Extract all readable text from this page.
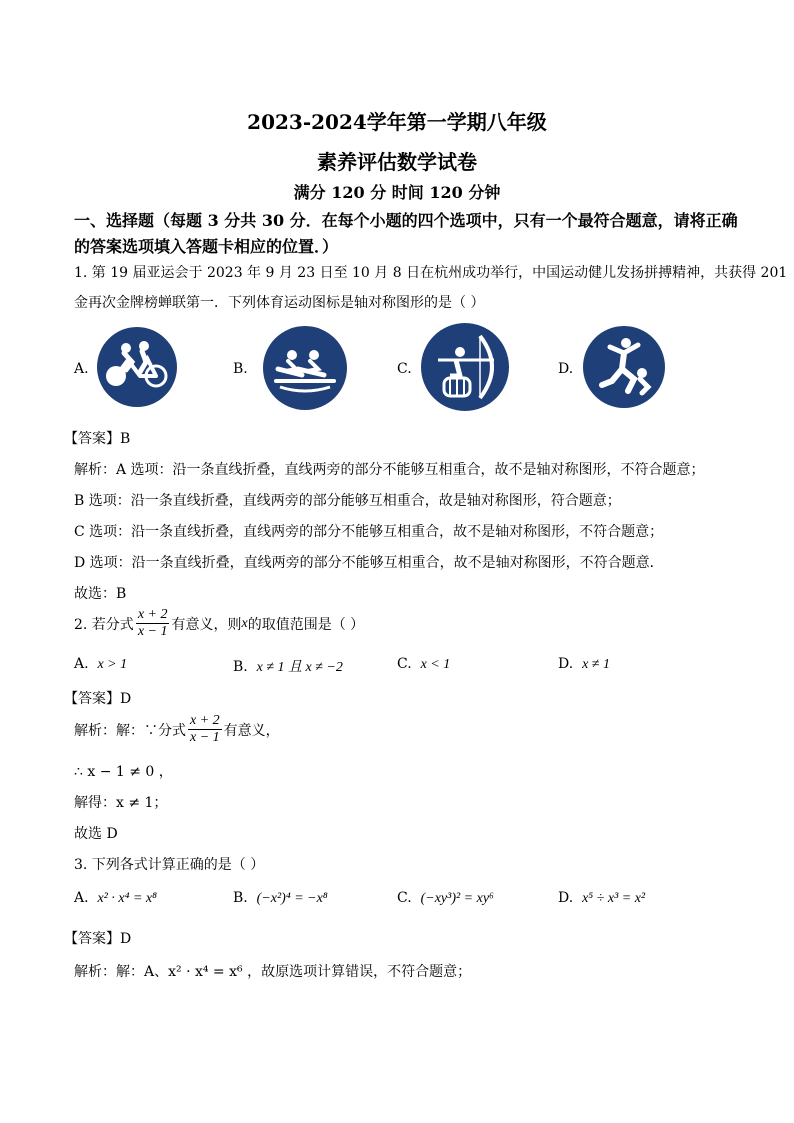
2023-2024学年第一学期八年级
素养评估数学试卷
满分 120 分 时间 120 分钟
一、选择题（每题 3 分共 30 分．在每个小题的四个选项中，只有一个最符合题意，请将正确
的答案选项填入答题卡相应的位置．）
1. 第 19 届亚运会于 2023 年 9 月 23 日至 10 月 8 日在杭州成功举行，中国运动健儿发扬拼搏精神，共获得 201
金再次金牌榜蝉联第一．下列体育运动图标是轴对称图形的是（ ）
A.	B.	C.	D.
【答案】B
解析：A 选项：沿一条直线折叠，直线两旁的部分不能够互相重合，故不是轴对称图形，不符合题意；
B 选项：沿一条直线折叠，直线两旁的部分能够互相重合，故是轴对称图形，符合题意；
C 选项：沿一条直线折叠，直线两旁的部分不能够互相重合，故不是轴对称图形，不符合题意；
D 选项：沿一条直线折叠，直线两旁的部分不能够互相重合，故不是轴对称图形，不符合题意．
故选：B
2. 若分式 $\frac{x + 2}{x - 1}$ 有意义，则 x 的取值范围是（ ）
A. x > 1	B. x ≠ 1 且 x ≠ −2	C. x < 1	D. x ≠ 1
【答案】D
解析：解：∵分式 $\frac{x + 2}{x - 1}$ 有意义，
∴ x − 1 ≠ 0 ，
解得：x ≠ 1；
故选 D
3. 下列各式计算正确的是（ ）
A. x² · x⁴ = x⁸	B. (−x²)⁴ = −x⁸	C. (−xy³)² = xy⁶	D. x⁵ ÷ x³ = x²
【答案】D
解析：解：A、x² · x⁴ = x⁶ ，故原选项计算错误，不符合题意；
